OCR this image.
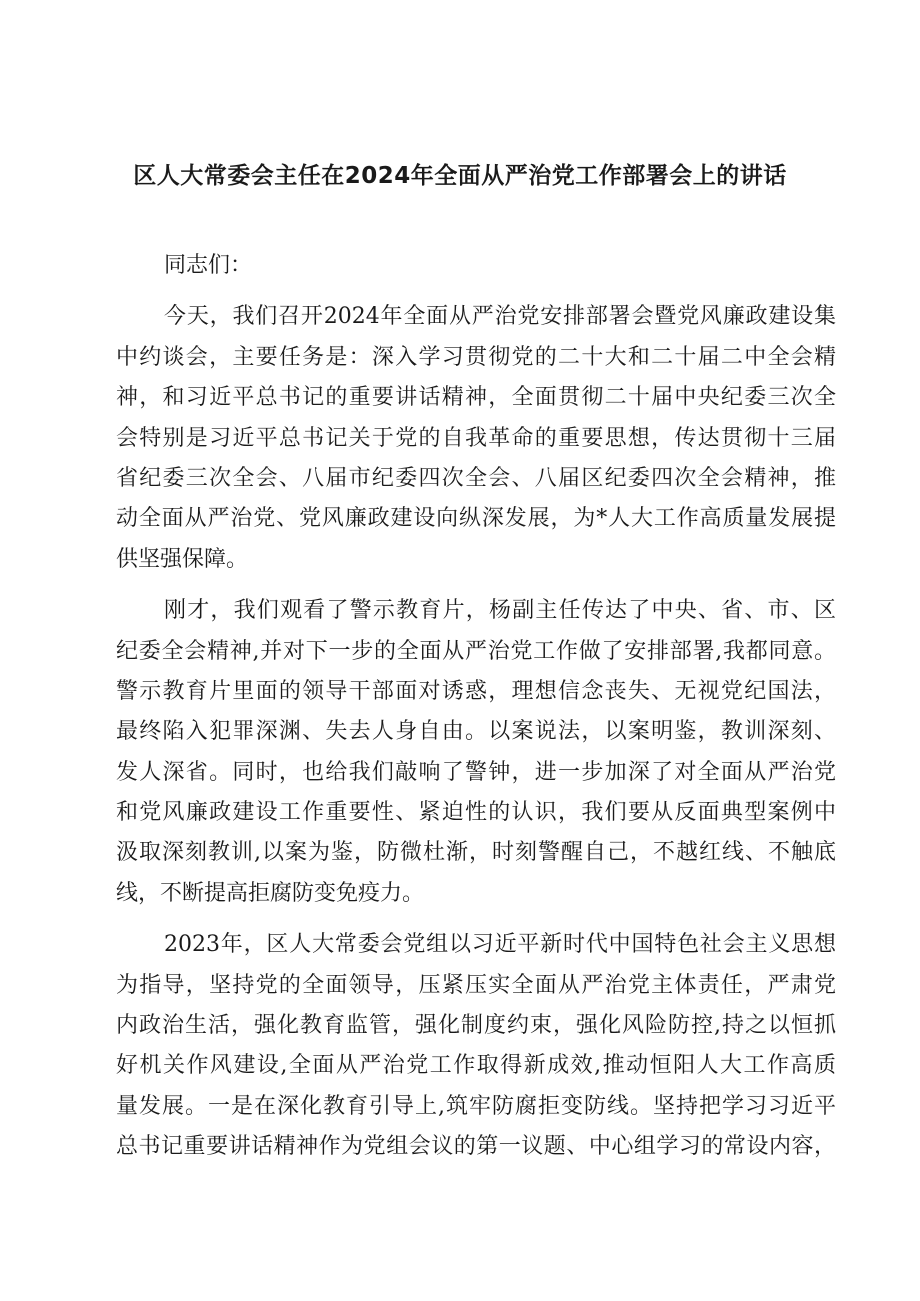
区人大常委会主任在2024年全面从严治党工作部署会上的讲话
同志们：
今天，我们召开2024年全面从严治党安排部署会暨党风廉政建设集
中约谈会，主要任务是：深入学习贯彻党的二十大和二十届二中全会精
神，和习近平总书记的重要讲话精神，全面贯彻二十届中央纪委三次全
会特别是习近平总书记关于党的自我革命的重要思想，传达贯彻十三届
省纪委三次全会、八届市纪委四次全会、八届区纪委四次全会精神，推
动全面从严治党、党风廉政建设向纵深发展，为*人大工作高质量发展提
供坚强保障。
刚才，我们观看了警示教育片，杨副主任传达了中央、省、市、区
纪委全会精神,并对下一步的全面从严治党工作做了安排部署,我都同意。
警示教育片里面的领导干部面对诱惑，理想信念丧失、无视党纪国法，
最终陷入犯罪深渊、失去人身自由。以案说法，以案明鉴，教训深刻、
发人深省。同时，也给我们敲响了警钟，进一步加深了对全面从严治党
和党风廉政建设工作重要性、紧迫性的认识，我们要从反面典型案例中
汲取深刻教训,以案为鉴，防微杜渐，时刻警醒自己，不越红线、不触底
线，不断提高拒腐防变免疫力。
2023年，区人大常委会党组以习近平新时代中国特色社会主义思想
为指导，坚持党的全面领导，压紧压实全面从严治党主体责任，严肃党
内政治生活，强化教育监管，强化制度约束，强化风险防控,持之以恒抓
好机关作风建设,全面从严治党工作取得新成效,推动恒阳人大工作高质
量发展。一是在深化教育引导上,筑牢防腐拒变防线。坚持把学习习近平
总书记重要讲话精神作为党组会议的第一议题、中心组学习的常设内容，
